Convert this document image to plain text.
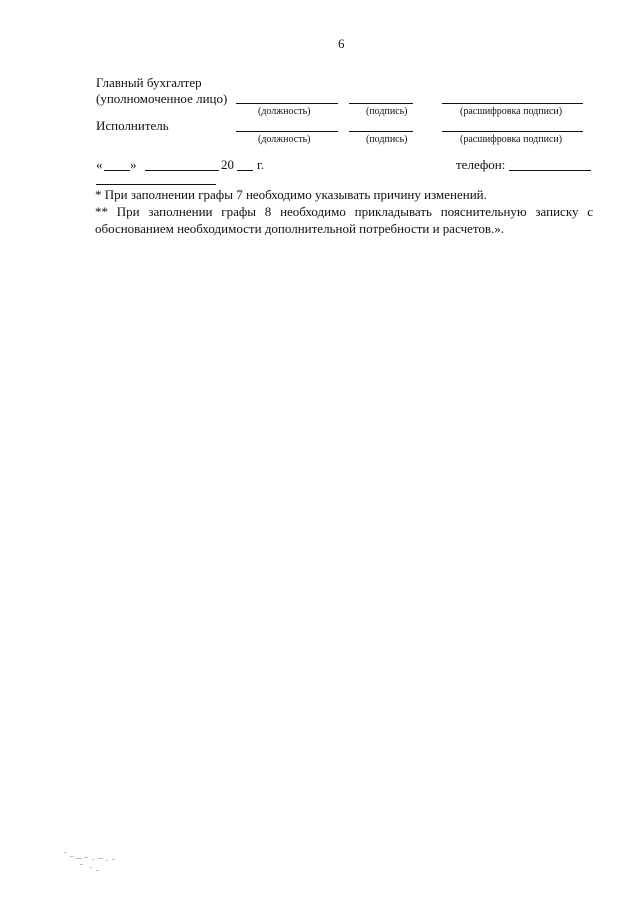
6
Главный бухгалтер
(уполномоченное лицо)
(должность)	(подпись)	(расшифровка подписи)
Исполнитель
(должность)	(подпись)	(расшифровка подписи)
« »	20 г.	телефон:
* При заполнении графы 7 необходимо указывать причину изменений.
** При заполнении графы 8 необходимо прикладывать пояснительную записку с
обоснованием необходимости дополнительной потребности и расчетов.».
